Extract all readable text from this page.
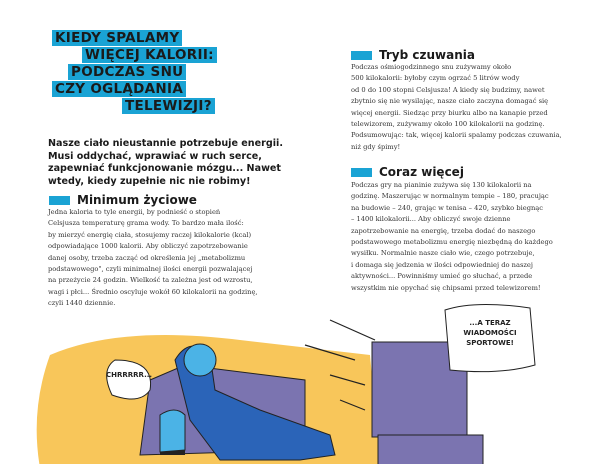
KIEDY SPALAMY
WIĘCEJ KALORII:
PODCZAS SNU
CZY OGLĄDANIA
TELEWIZJI?
Nasze ciało nieustannie potrzebuje energii. Musi oddychać, wprawiać w ruch serce, zapewniać funkcjonowanie mózgu... Nawet wtedy, kiedy zupełnie nic nie robimy!
Minimum życiowe
Jedna kaloria to tyle energii, by podnieść o stopień
Celsjusza temperaturę grama wody. To bardzo mała ilość:
by mierzyć energię ciała, stosujemy raczej kilokalorie (kcal)
odpowiadające 1000 kalorii. Aby obliczyć zapotrzebowanie
danej osoby, trzeba zacząć od określenia jej „metabolizmu
podstawowego", czyli minimalnej ilości energii pozwalającej
na przeżycie 24 godzin. Wielkość ta zależna jest od wzrostu,
wagi i płci... Średnio oscyluje wokół 60 kilokalorii na godzinę,
czyli 1440 dziennie.
Tryb czuwania
Podczas ośmiogodzinnego snu zużywamy około
500 kilokalorii: byłoby czym ogrzać 5 litrów wody
od 0 do 100 stopni Celsjusza! A kiedy się budzimy, nawet
zbytnio się nie wysilając, nasze ciało zaczyna domagać się
więcej energii. Siedząc przy biurku albo na kanapie przed
telewizorem, zużywamy około 100 kilokalorii na godzinę.
Podsumowując: tak, więcej kalorii spalamy podczas czuwania,
niż gdy śpimy!
Coraz więcej
Podczas gry na pianinie zużywa się 130 kilokalorii na
godzinę. Maszerując w normalnym tempie – 180, pracując
na budowie – 240, grając w tenisa – 420, szybko biegnąc
– 1400 kilokalorii... Aby obliczyć swoje dzienne
zapotrzebowanie na energię, trzeba dodać do naszego
podstawowego metabolizmu energię niezbędną do każdego
wysiłku. Normalnie nasze ciało wie, czego potrzebuje,
i domaga się jedzenia w ilości odpowiedniej do naszej
aktywności... Powinniśmy umieć go słuchać, a przede
wszystkim nie opychać się chipsami przed telewizorem!
CHRRRRR...
...A TERAZ
WIADOMOŚCI
SPORTOWE!
